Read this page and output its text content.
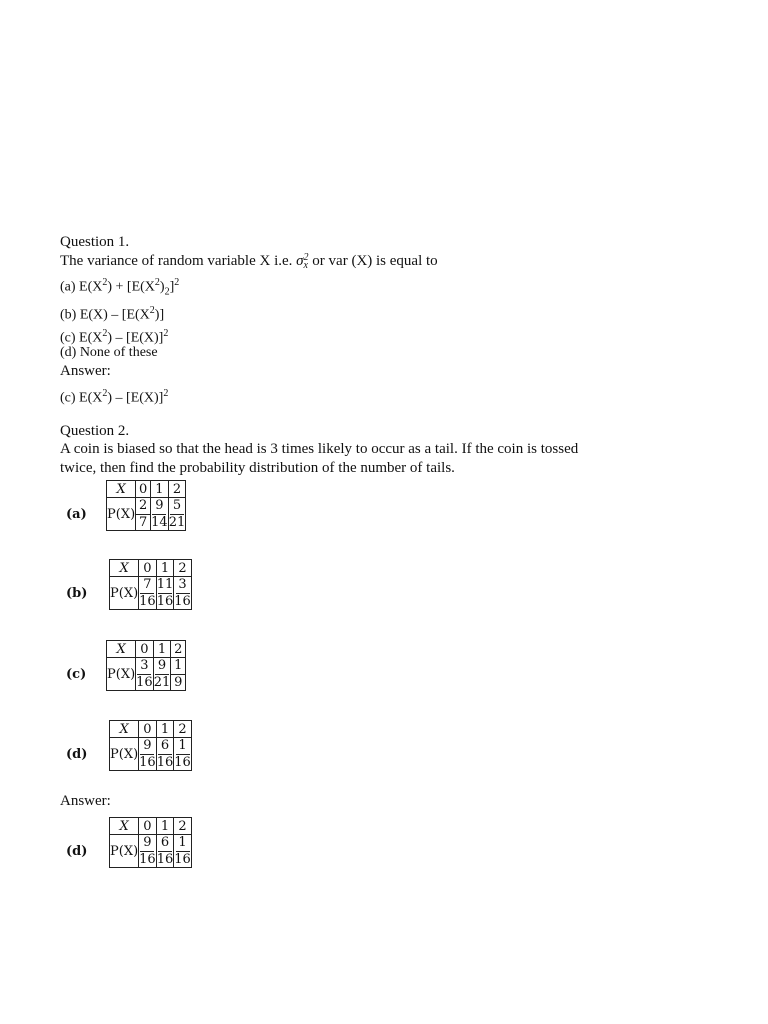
Question 1.
The variance of random variable X i.e. σ 2
x or var (X) is equal to
(a) $E(X^2) + [E(X^2)_2]^2$
(b) $E(X) - [E(X^2)]$
(c) $E(X^2) - [E(X)]^2$
(d) None of these
Answer:
(c) $E(X^2) - [E(X)]^2$
Question 2.
A coin is biased so that the head is 3 times likely to occur as a tail. If the coin is tossed
twice, then find the probability distribution of the number of tails.
(a)
X	0	1	2
P(X)	$\frac{2}{7}$	$\frac{9}{14}$	$\frac{5}{21}$
(b)
X	0	1	2
P(X)	$\frac{7}{16}$	$\frac{11}{16}$	$\frac{3}{16}$
(c)
X	0	1	2
P(X)	$\frac{3}{16}$	$\frac{9}{21}$	$\frac{1}{9}$
(d)
X	0	1	2
P(X)	$\frac{9}{16}$	$\frac{6}{16}$	$\frac{1}{16}$
(d)
X	0	1	2
P(X)	$\frac{9}{16}$	$\frac{6}{16}$	$\frac{1}{16}$
Answer:
